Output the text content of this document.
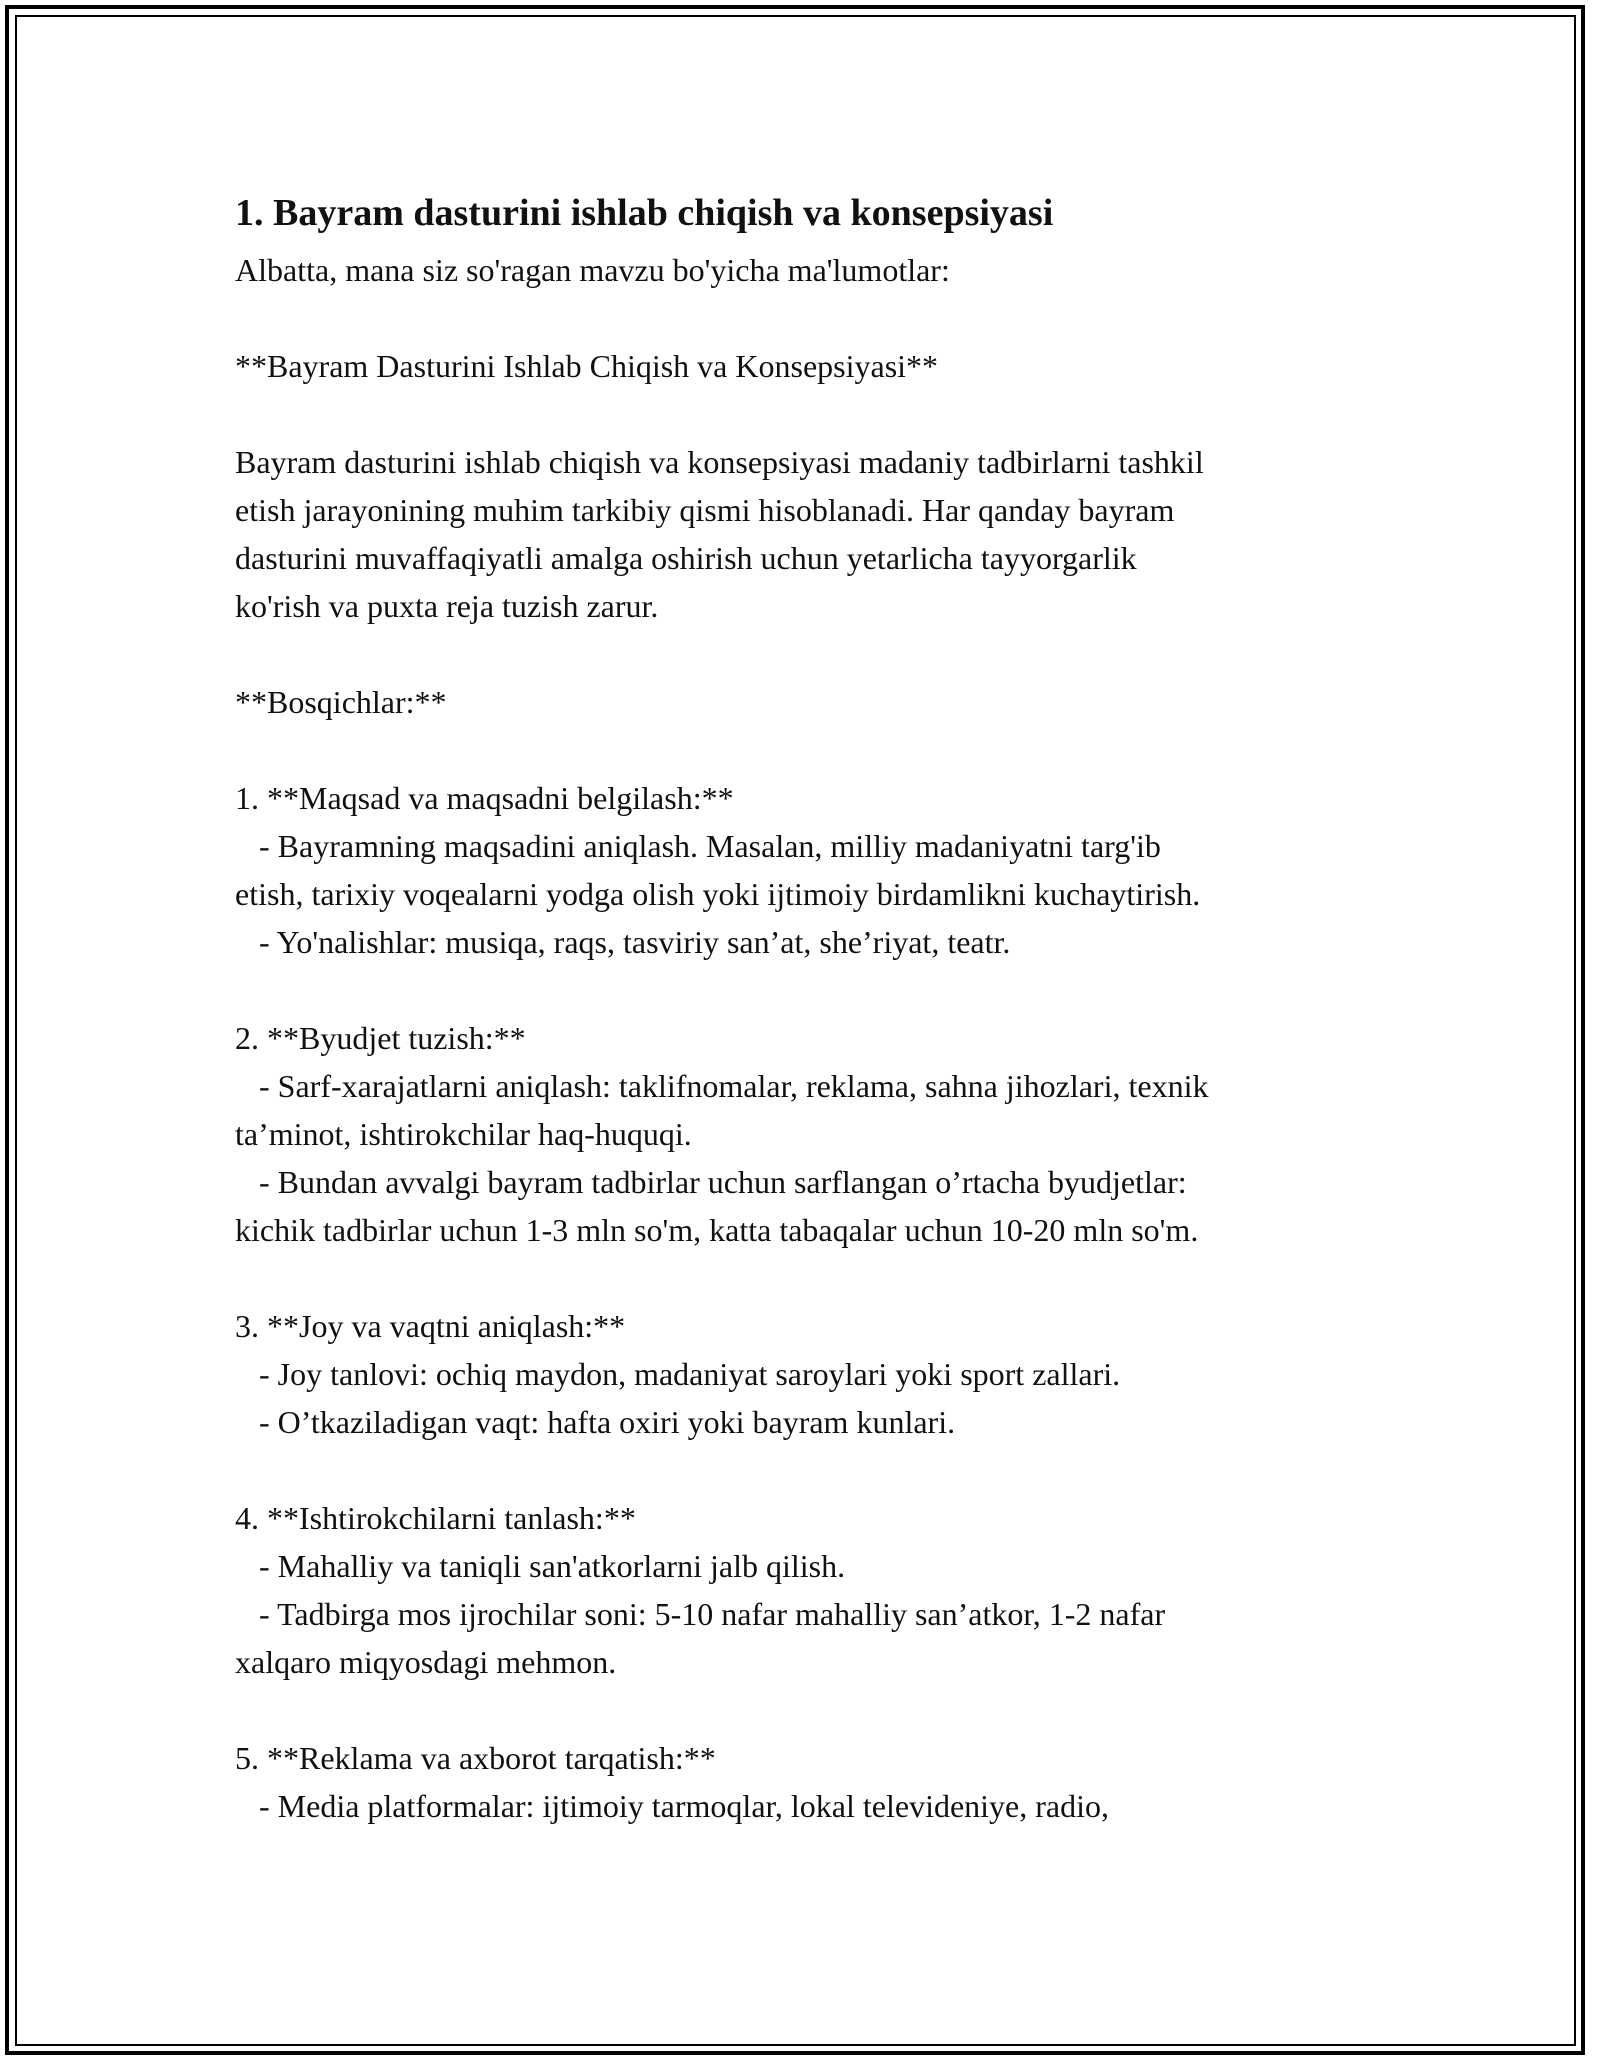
1. Bayram dasturini ishlab chiqish va konsepsiyasi
Albatta, mana siz so'ragan mavzu bo'yicha ma'lumotlar:
**Bayram Dasturini Ishlab Chiqish va Konsepsiyasi**
Bayram dasturini ishlab chiqish va konsepsiyasi madaniy tadbirlarni tashkil
etish jarayonining muhim tarkibiy qismi hisoblanadi. Har qanday bayram
dasturini muvaffaqiyatli amalga oshirish uchun yetarlicha tayyorgarlik
ko'rish va puxta reja tuzish zarur.
**Bosqichlar:**
1. **Maqsad va maqsadni belgilash:**
- Bayramning maqsadini aniqlash. Masalan, milliy madaniyatni targ'ib
etish, tarixiy voqealarni yodga olish yoki ijtimoiy birdamlikni kuchaytirish.
- Yo'nalishlar: musiqa, raqs, tasviriy san’at, she’riyat, teatr.
2. **Byudjet tuzish:**
- Sarf-xarajatlarni aniqlash: taklifnomalar, reklama, sahna jihozlari, texnik
ta’minot, ishtirokchilar haq-huquqi.
- Bundan avvalgi bayram tadbirlar uchun sarflangan o’rtacha byudjetlar:
kichik tadbirlar uchun 1-3 mln so'm, katta tabaqalar uchun 10-20 mln so'm.
3. **Joy va vaqtni aniqlash:**
- Joy tanlovi: ochiq maydon, madaniyat saroylari yoki sport zallari.
- O’tkaziladigan vaqt: hafta oxiri yoki bayram kunlari.
4. **Ishtirokchilarni tanlash:**
- Mahalliy va taniqli san'atkorlarni jalb qilish.
- Tadbirga mos ijrochilar soni: 5-10 nafar mahalliy san’atkor, 1-2 nafar
xalqaro miqyosdagi mehmon.
5. **Reklama va axborot tarqatish:**
- Media platformalar: ijtimoiy tarmoqlar, lokal televideniye, radio,
